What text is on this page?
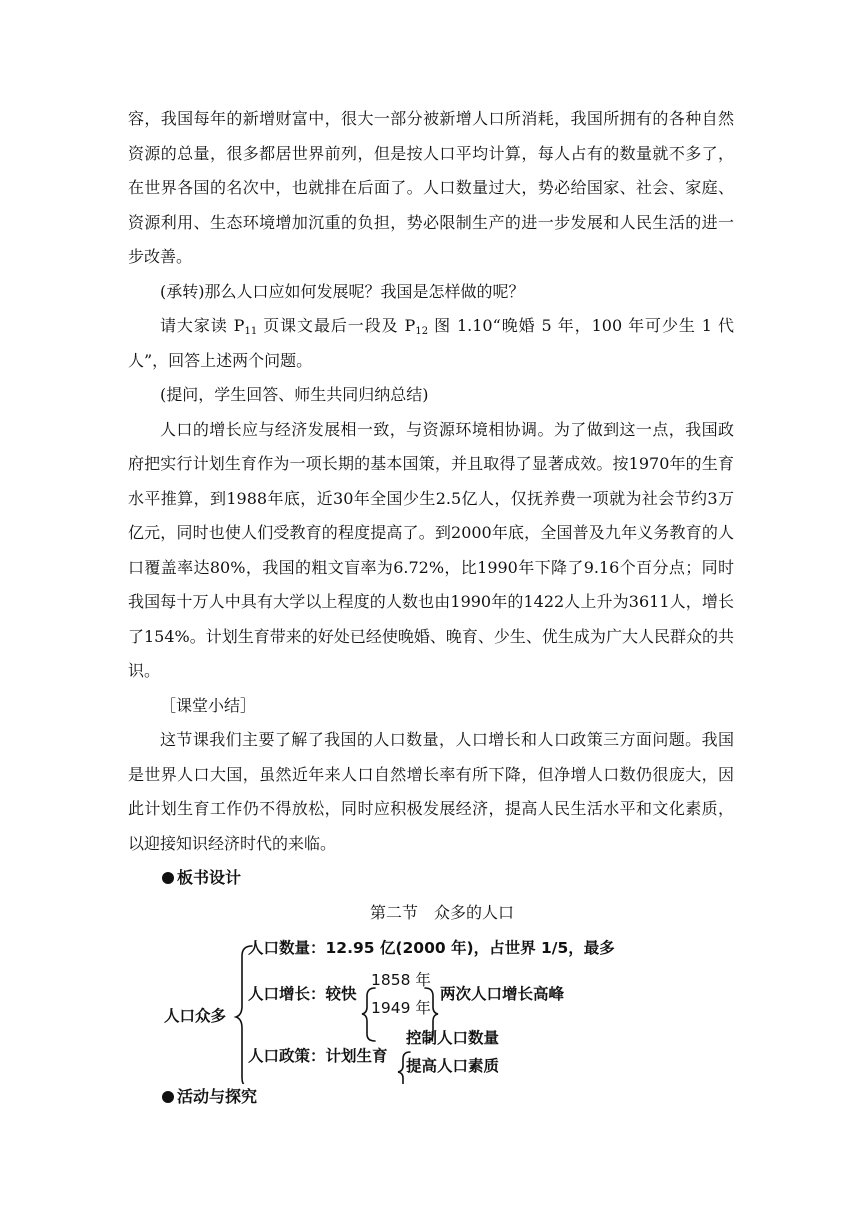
容，我国每年的新增财富中，很大一部分被新增人口所消耗，我国所拥有的各种自然资源的总量，很多都居世界前列，但是按人口平均计算，每人占有的数量就不多了，在世界各国的名次中，也就排在后面了。人口数量过大，势必给国家、社会、家庭、资源利用、生态环境增加沉重的负担，势必限制生产的进一步发展和人民生活的进一步改善。

(承转)那么人口应如何发展呢？我国是怎样做的呢？

请大家读 $P_{11}$ 页课文最后一段及 $P_{12}$ 图 1.10“晚婚 5 年，100 年可少生 1 代人”，回答上述两个问题。

(提问，学生回答、师生共同归纳总结)

人口的增长应与经济发展相一致，与资源环境相协调。为了做到这一点，我国政府把实行计划生育作为一项长期的基本国策，并且取得了显著成效。按1970年的生育水平推算，到1988年底，近30年全国少生2.5亿人，仅抚养费一项就为社会节约3万亿元，同时也使人们受教育的程度提高了。到2000年底，全国普及九年义务教育的人口覆盖率达80%，我国的粗文盲率为6.72%，比1990年下降了9.16个百分点；同时我国每十万人中具有大学以上程度的人数也由1990年的1422人上升为3611人，增长了154%。计划生育带来的好处已经使晚婚、晚育、少生、优生成为广大人民群众的共识。

［课堂小结］

这节课我们主要了解了我国的人口数量，人口增长和人口政策三方面问题。我国是世界人口大国，虽然近年来人口自然增长率有所下降，但净增人口数仍很庞大，因此计划生育工作仍不得放松，同时应积极发展经济，提高人民生活水平和文化素质，以迎接知识经济时代的来临。

板书设计

第二节　众多的人口
人口众多
人口数量：12.95 亿(2000 年)，占世界 1/5，最多
人口增长：较快
1858 年
1949 年
两次人口增长高峰
人口政策：计划生育
控制人口数量
提高人口素质

活动与探究
